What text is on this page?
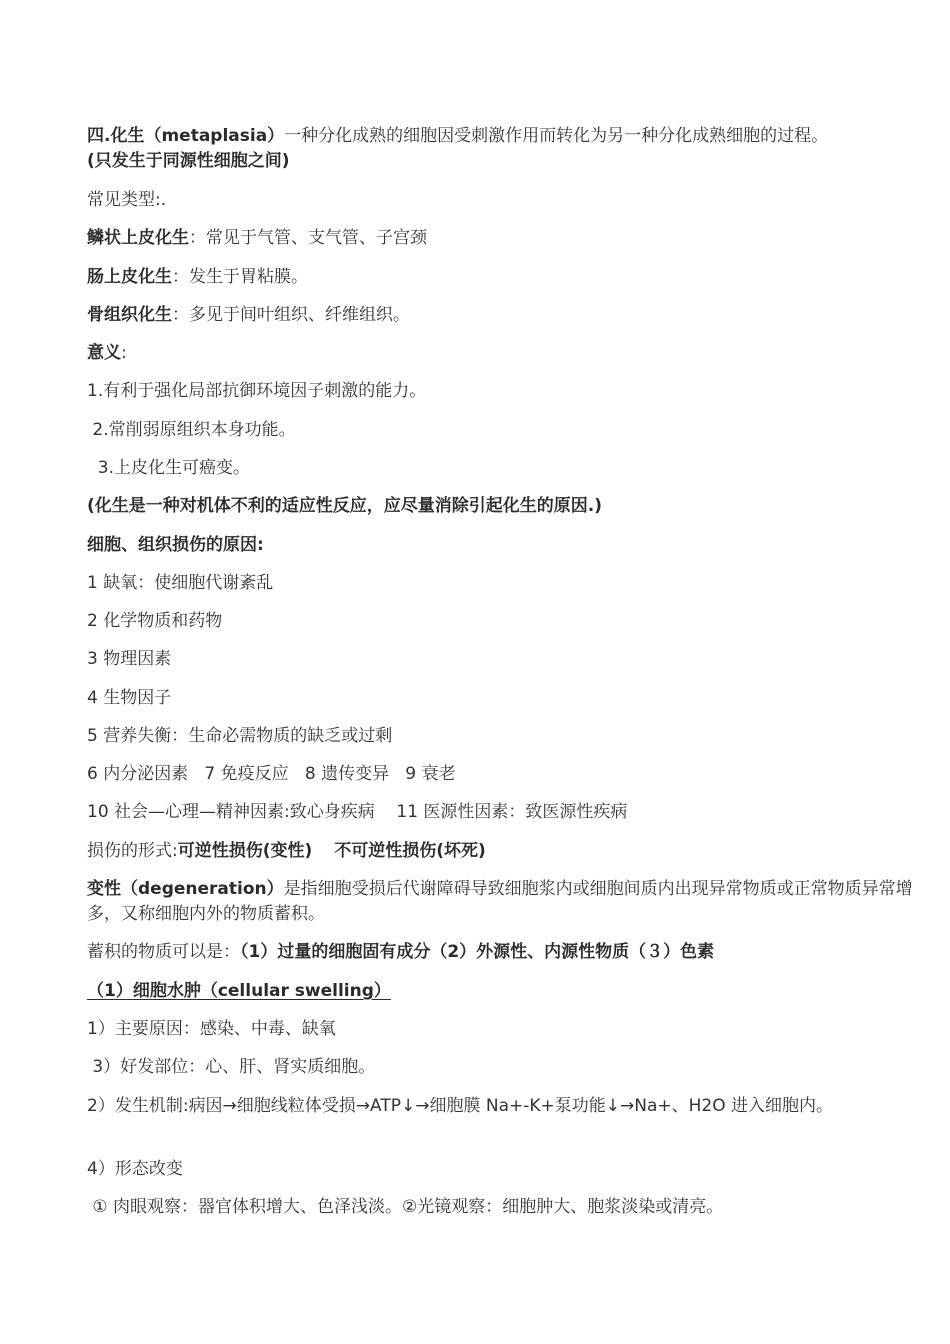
四.化生（metaplasia）一种分化成熟的细胞因受刺激作用而转化为另一种分化成熟细胞的过程。
(只发生于同源性细胞之间)
常见类型:.
鳞状上皮化生：常见于气管、支气管、子宫颈
肠上皮化生：发生于胃粘膜。
骨组织化生：多见于间叶组织、纤维组织。
意义:
1.有利于强化局部抗御环境因子刺激的能力。
2.常削弱原组织本身功能。
3.上皮化生可癌变。
(化生是一种对机体不利的适应性反应，应尽量消除引起化生的原因.)
细胞、组织损伤的原因:
1 缺氧：使细胞代谢紊乱
2 化学物质和药物
3 物理因素
4 生物因子
5 营养失衡：生命必需物质的缺乏或过剩
6 内分泌因素   7 免疫反应   8 遗传变异   9 衰老
10 社会—心理—精神因素:致心身疾病    11 医源性因素：致医源性疾病
损伤的形式:可逆性损伤(变性) 不可逆性损伤(坏死)
变性（degeneration）是指细胞受损后代谢障碍导致细胞浆内或细胞间质内出现异常物质或正常物质异常增多，又称细胞内外的物质蓄积。
蓄积的物质可以是：（1）过量的细胞固有成分（2）外源性、内源性物质（３）色素
（1）细胞水肿（cellular swelling）
1）主要原因：感染、中毒、缺氧
3）好发部位：心、肝、肾实质细胞。
2）发生机制:病因→细胞线粒体受损→ATP↓→细胞膜 Na+-K+泵功能↓→Na+、H2O 进入细胞内。
4）形态改变
① 肉眼观察：器官体积增大、色泽浅淡。②光镜观察：细胞肿大、胞浆淡染或清亮。
